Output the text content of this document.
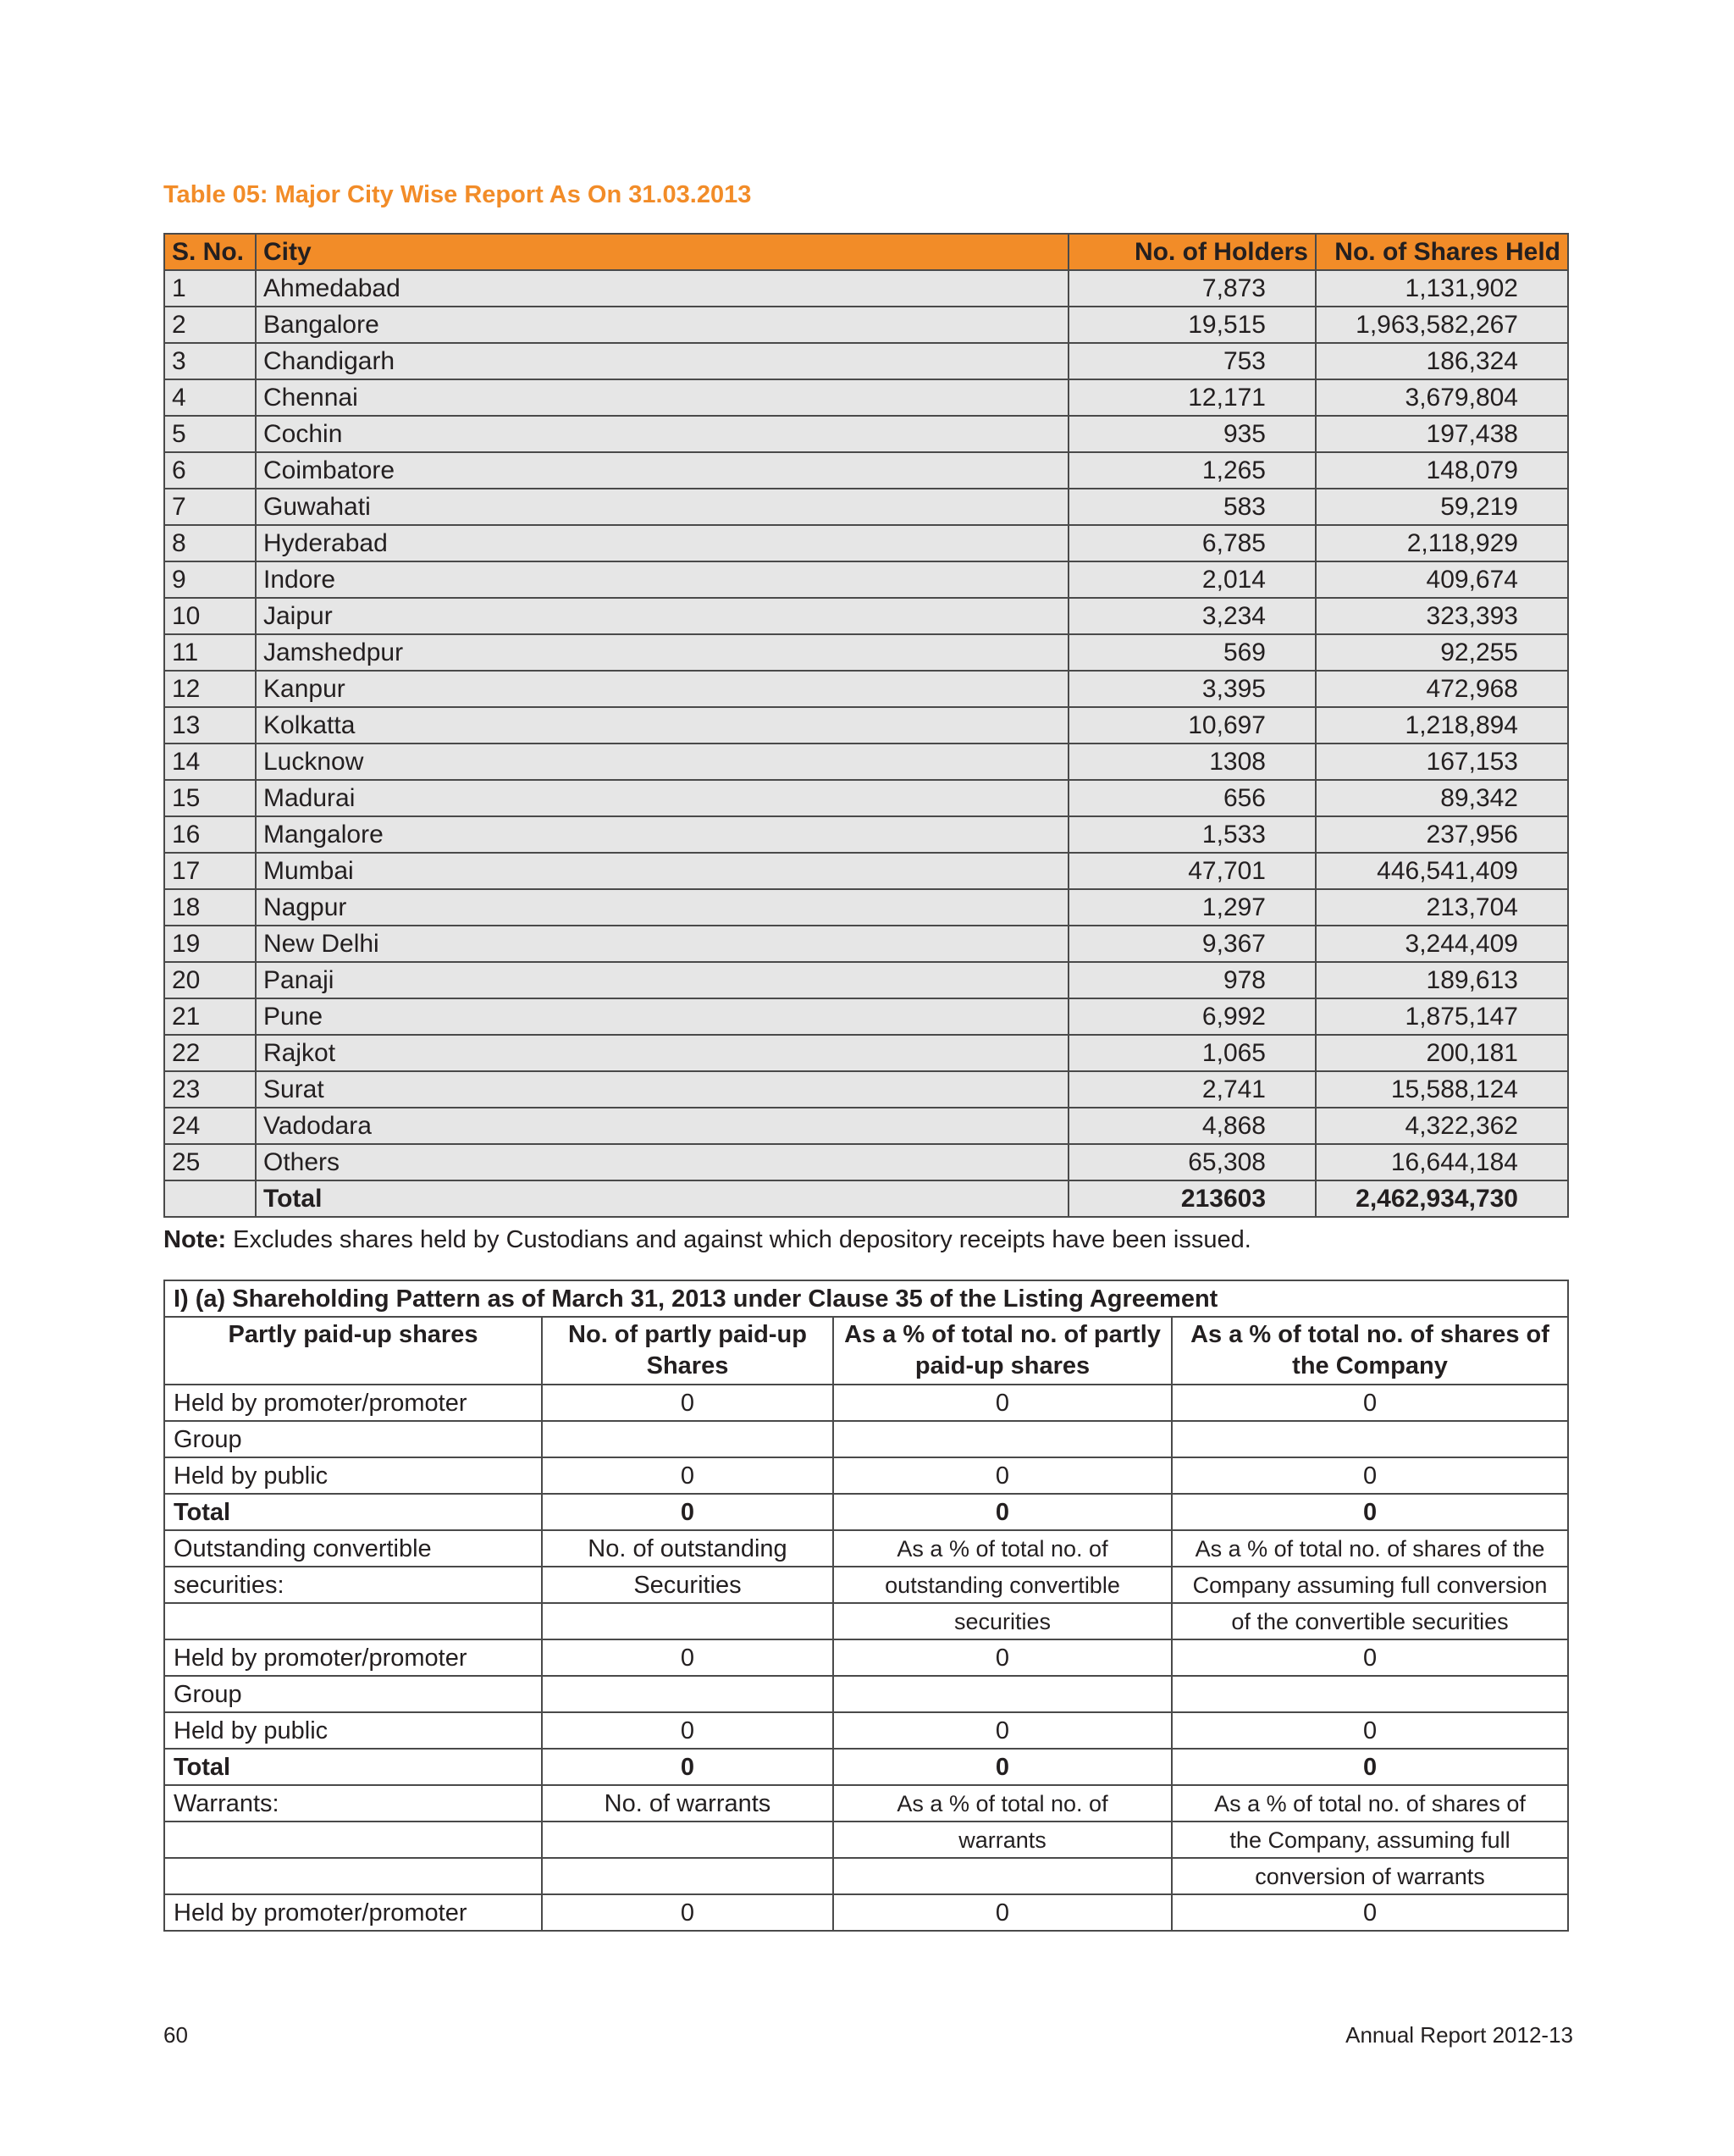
Table 05: Major City Wise Report As On 31.03.2013
S. No.	City	No. of Holders	No. of Shares Held
1	Ahmedabad	7,873	1,131,902
2	Bangalore	19,515	1,963,582,267
3	Chandigarh	753	186,324
4	Chennai	12,171	3,679,804
5	Cochin	935	197,438
6	Coimbatore	1,265	148,079
7	Guwahati	583	59,219
8	Hyderabad	6,785	2,118,929
9	Indore	2,014	409,674
10	Jaipur	3,234	323,393
11	Jamshedpur	569	92,255
12	Kanpur	3,395	472,968
13	Kolkatta	10,697	1,218,894
14	Lucknow	1308	167,153
15	Madurai	656	89,342
16	Mangalore	1,533	237,956
17	Mumbai	47,701	446,541,409
18	Nagpur	1,297	213,704
19	New Delhi	9,367	3,244,409
20	Panaji	978	189,613
21	Pune	6,992	1,875,147
22	Rajkot	1,065	200,181
23	Surat	2,741	15,588,124
24	Vadodara	4,868	4,322,362
25	Others	65,308	16,644,184
	Total	213603	2,462,934,730
Note: Excludes shares held by Custodians and against which depository receipts have been issued.
I) (a) Shareholding Pattern as of March 31, 2013 under Clause 35 of the Listing Agreement			
Partly paid-up shares	No. of partly paid-up Shares	As a % of total no. of partly paid-up shares	As a % of total no. of shares of the Company
Held by promoter/promoter	0	0	0
Group			
Held by public	0	0	0
Total	0	0	0
Outstanding convertible	No. of outstanding	As a % of total no. of	As a % of total no. of shares of the
securities:	Securities	outstanding convertible	Company assuming full conversion
		securities	of the convertible securities
Held by promoter/promoter	0	0	0
Group			
Held by public	0	0	0
Total	0	0	0
Warrants:	No. of warrants	As a % of total no. of	As a % of total no. of shares of
		warrants	the Company, assuming full
			conversion of warrants
Held by promoter/promoter	0	0	0
60	Annual Report 2012-13
